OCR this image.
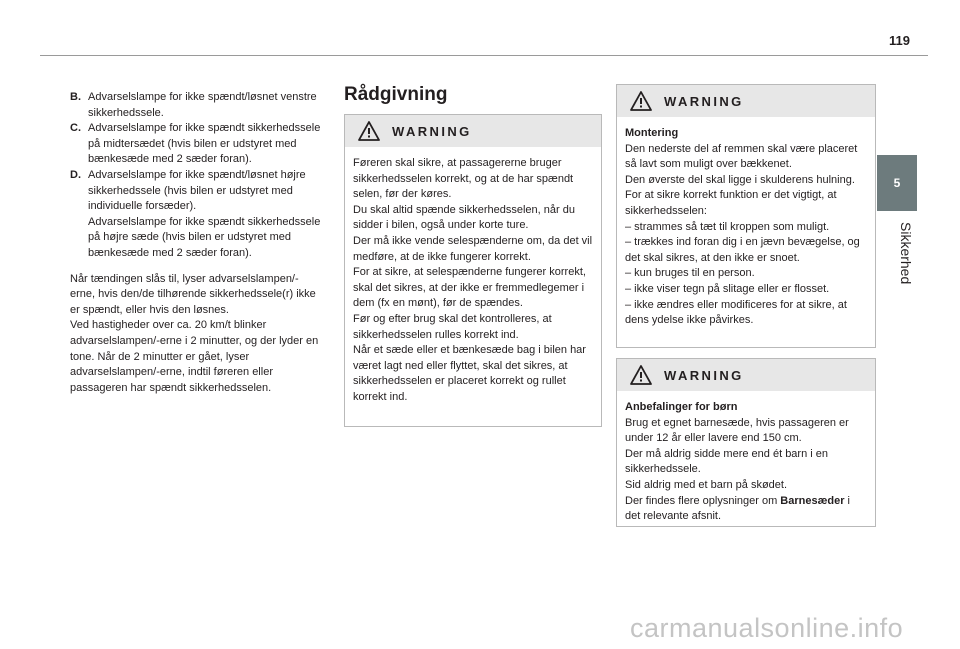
119
5
Sikkerhed
B. Advarselslampe for ikke spændt/løsnet venstre sikkerhedssele.
C. Advarselslampe for ikke spændt sikkerhedssele på midtersædet (hvis bilen er udstyret med bænkesæde med 2 sæder foran).
D. Advarselslampe for ikke spændt/løsnet højre sikkerhedssele (hvis bilen er udstyret med individuelle forsæder).
Advarselslampe for ikke spændt sikkerhedssele på højre sæde (hvis bilen er udstyret med bænkesæde med 2 sæder foran).
Når tændingen slås til, lyser advarselslampen/-erne, hvis den/de tilhørende sikkerhedssele(r) ikke er spændt, eller hvis den løsnes.
Ved hastigheder over ca. 20 km/t blinker advarselslampen/-erne i 2 minutter, og der lyder en tone. Når de 2 minutter er gået, lyser advarselslampen/-erne, indtil føreren eller passageren har spændt sikkerhedsselen.
Rådgivning
WARNING

Føreren skal sikre, at passagererne bruger sikkerhedsselen korrekt, og at de har spændt selen, før der køres.

Du skal altid spænde sikkerhedsselen, når du sidder i bilen, også under korte ture.

Der må ikke vende selespænderne om, da det vil medføre, at de ikke fungerer korrekt.

For at sikre, at selespænderne fungerer korrekt, skal det sikres, at der ikke er fremmedlegemer i dem (fx en mønt), før de spændes.

Før og efter brug skal det kontrolleres, at sikkerhedsselen rulles korrekt ind.

Når et sæde eller et bænkesæde bag i bilen har været lagt ned eller flyttet, skal det sikres, at sikkerhedsselen er placeret korrekt og rullet korrekt ind.

WARNING

Montering

Den nederste del af remmen skal være placeret så lavt som muligt over bækkenet.

Den øverste del skal ligge i skulderens hulning.

For at sikre korrekt funktion er det vigtigt, at sikkerhedsselen:

– strammes så tæt til kroppen som muligt.

– trækkes ind foran dig i en jævn bevægelse, og det skal sikres, at den ikke er snoet.

– kun bruges til en person.

– ikke viser tegn på slitage eller er flosset.

– ikke ændres eller modificeres for at sikre, at dens ydelse ikke påvirkes.

WARNING

Anbefalinger for børn

Brug et egnet barnesæde, hvis passageren er under 12 år eller lavere end 150 cm.

Der må aldrig sidde mere end ét barn i en sikkerhedssele.

Sid aldrig med et barn på skødet.

Der findes flere oplysninger om Barnesæder i det relevante afsnit.

carmanualsonline.info
